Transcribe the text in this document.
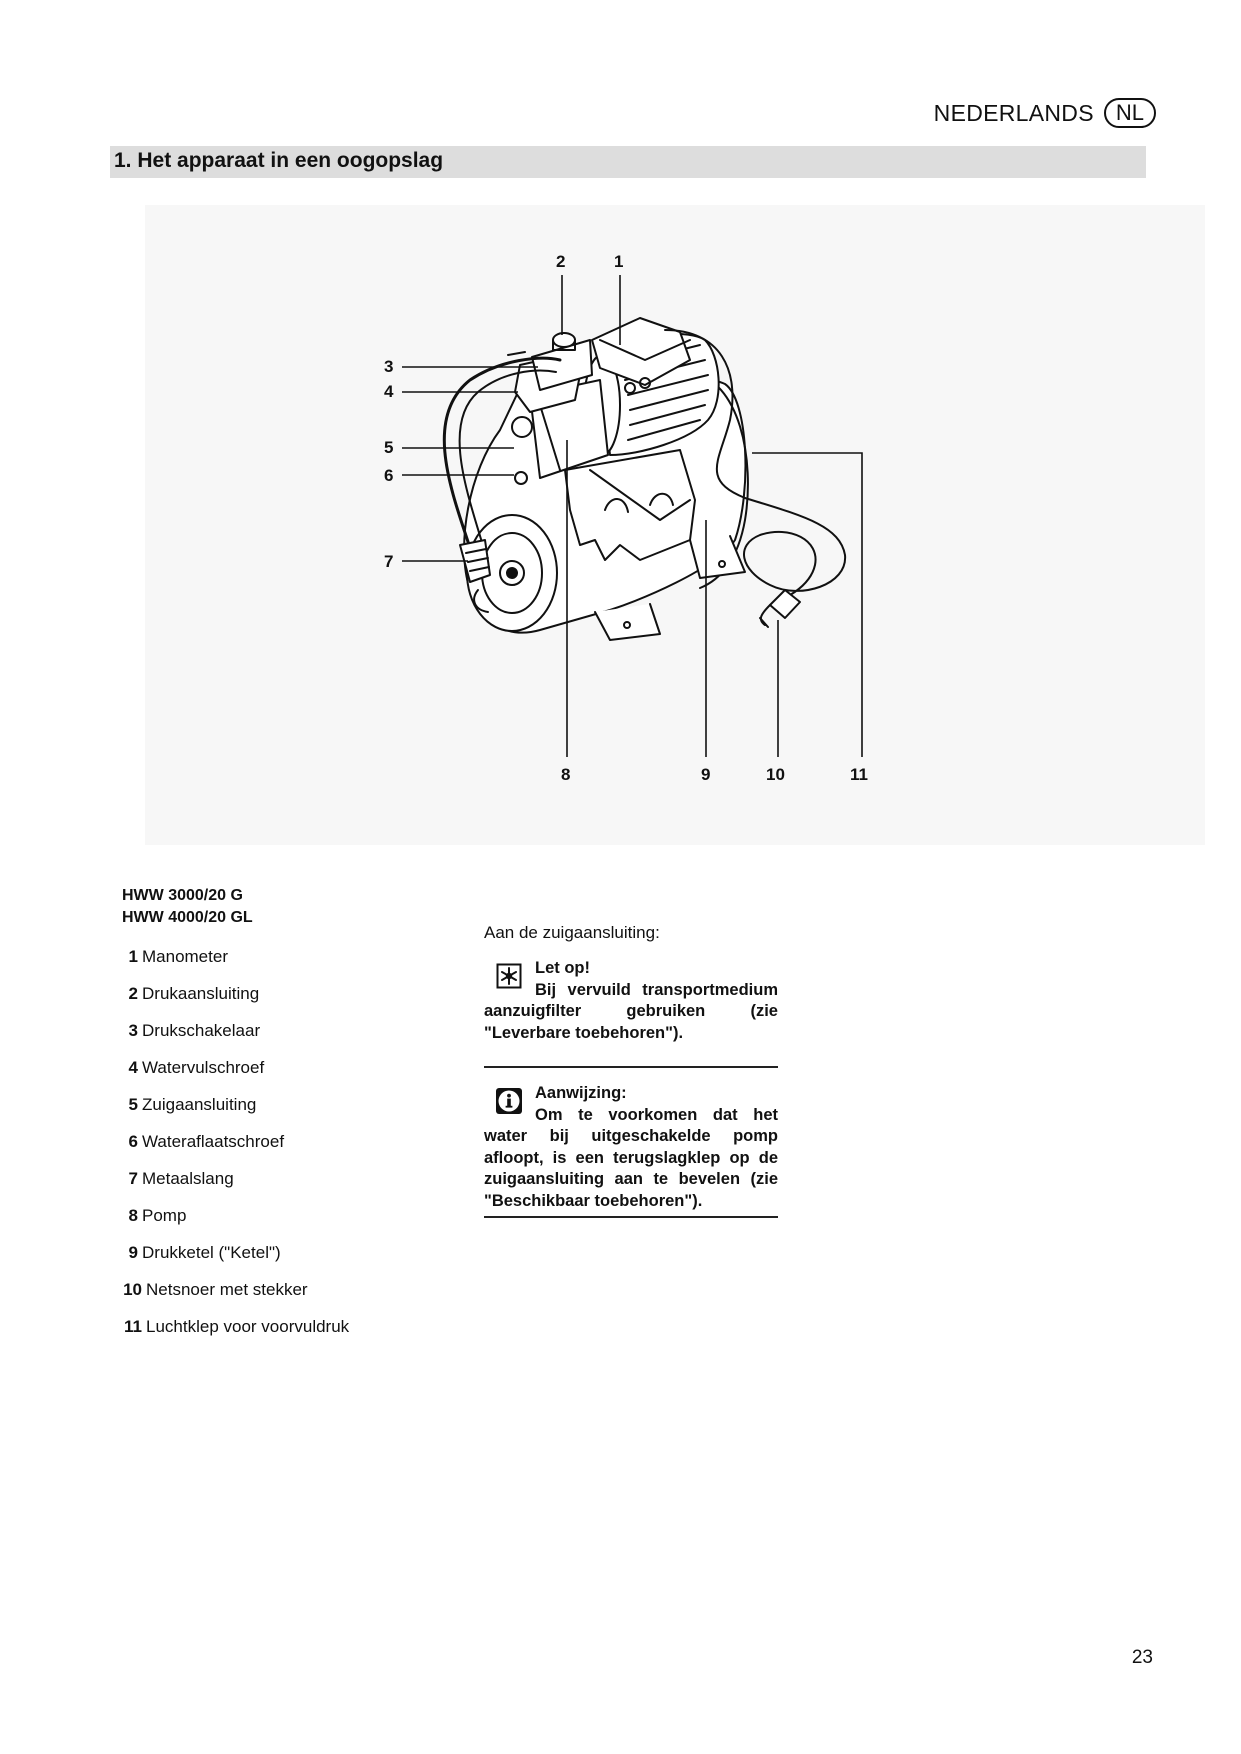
NEDERLANDS	NL
1. Het apparaat in een oogopslag
2	1
3
4
5
6
7
8	9	10	11
HWW 3000/20 G
HWW 4000/20 GL
1 Manometer
2 Drukaansluiting
3 Drukschakelaar
4 Watervulschroef
5 Zuigaansluiting
6 Wateraflaatschroef
7 Metaalslang
8 Pomp
9 Drukketel ("Ketel")
10 Netsnoer met stekker
11 Luchtklep voor voorvuldruk
Aan de zuigaansluiting:
Let op!
Bij vervuild transportmedium aanzuigfilter gebruiken (zie "Leverbare toebehoren").
Aanwijzing:
Om te voorkomen dat het water bij uitgeschakelde pomp afloopt, is een terugslagklep op de zuigaansluiting aan te bevelen (zie "Beschikbaar toebehoren").
23
